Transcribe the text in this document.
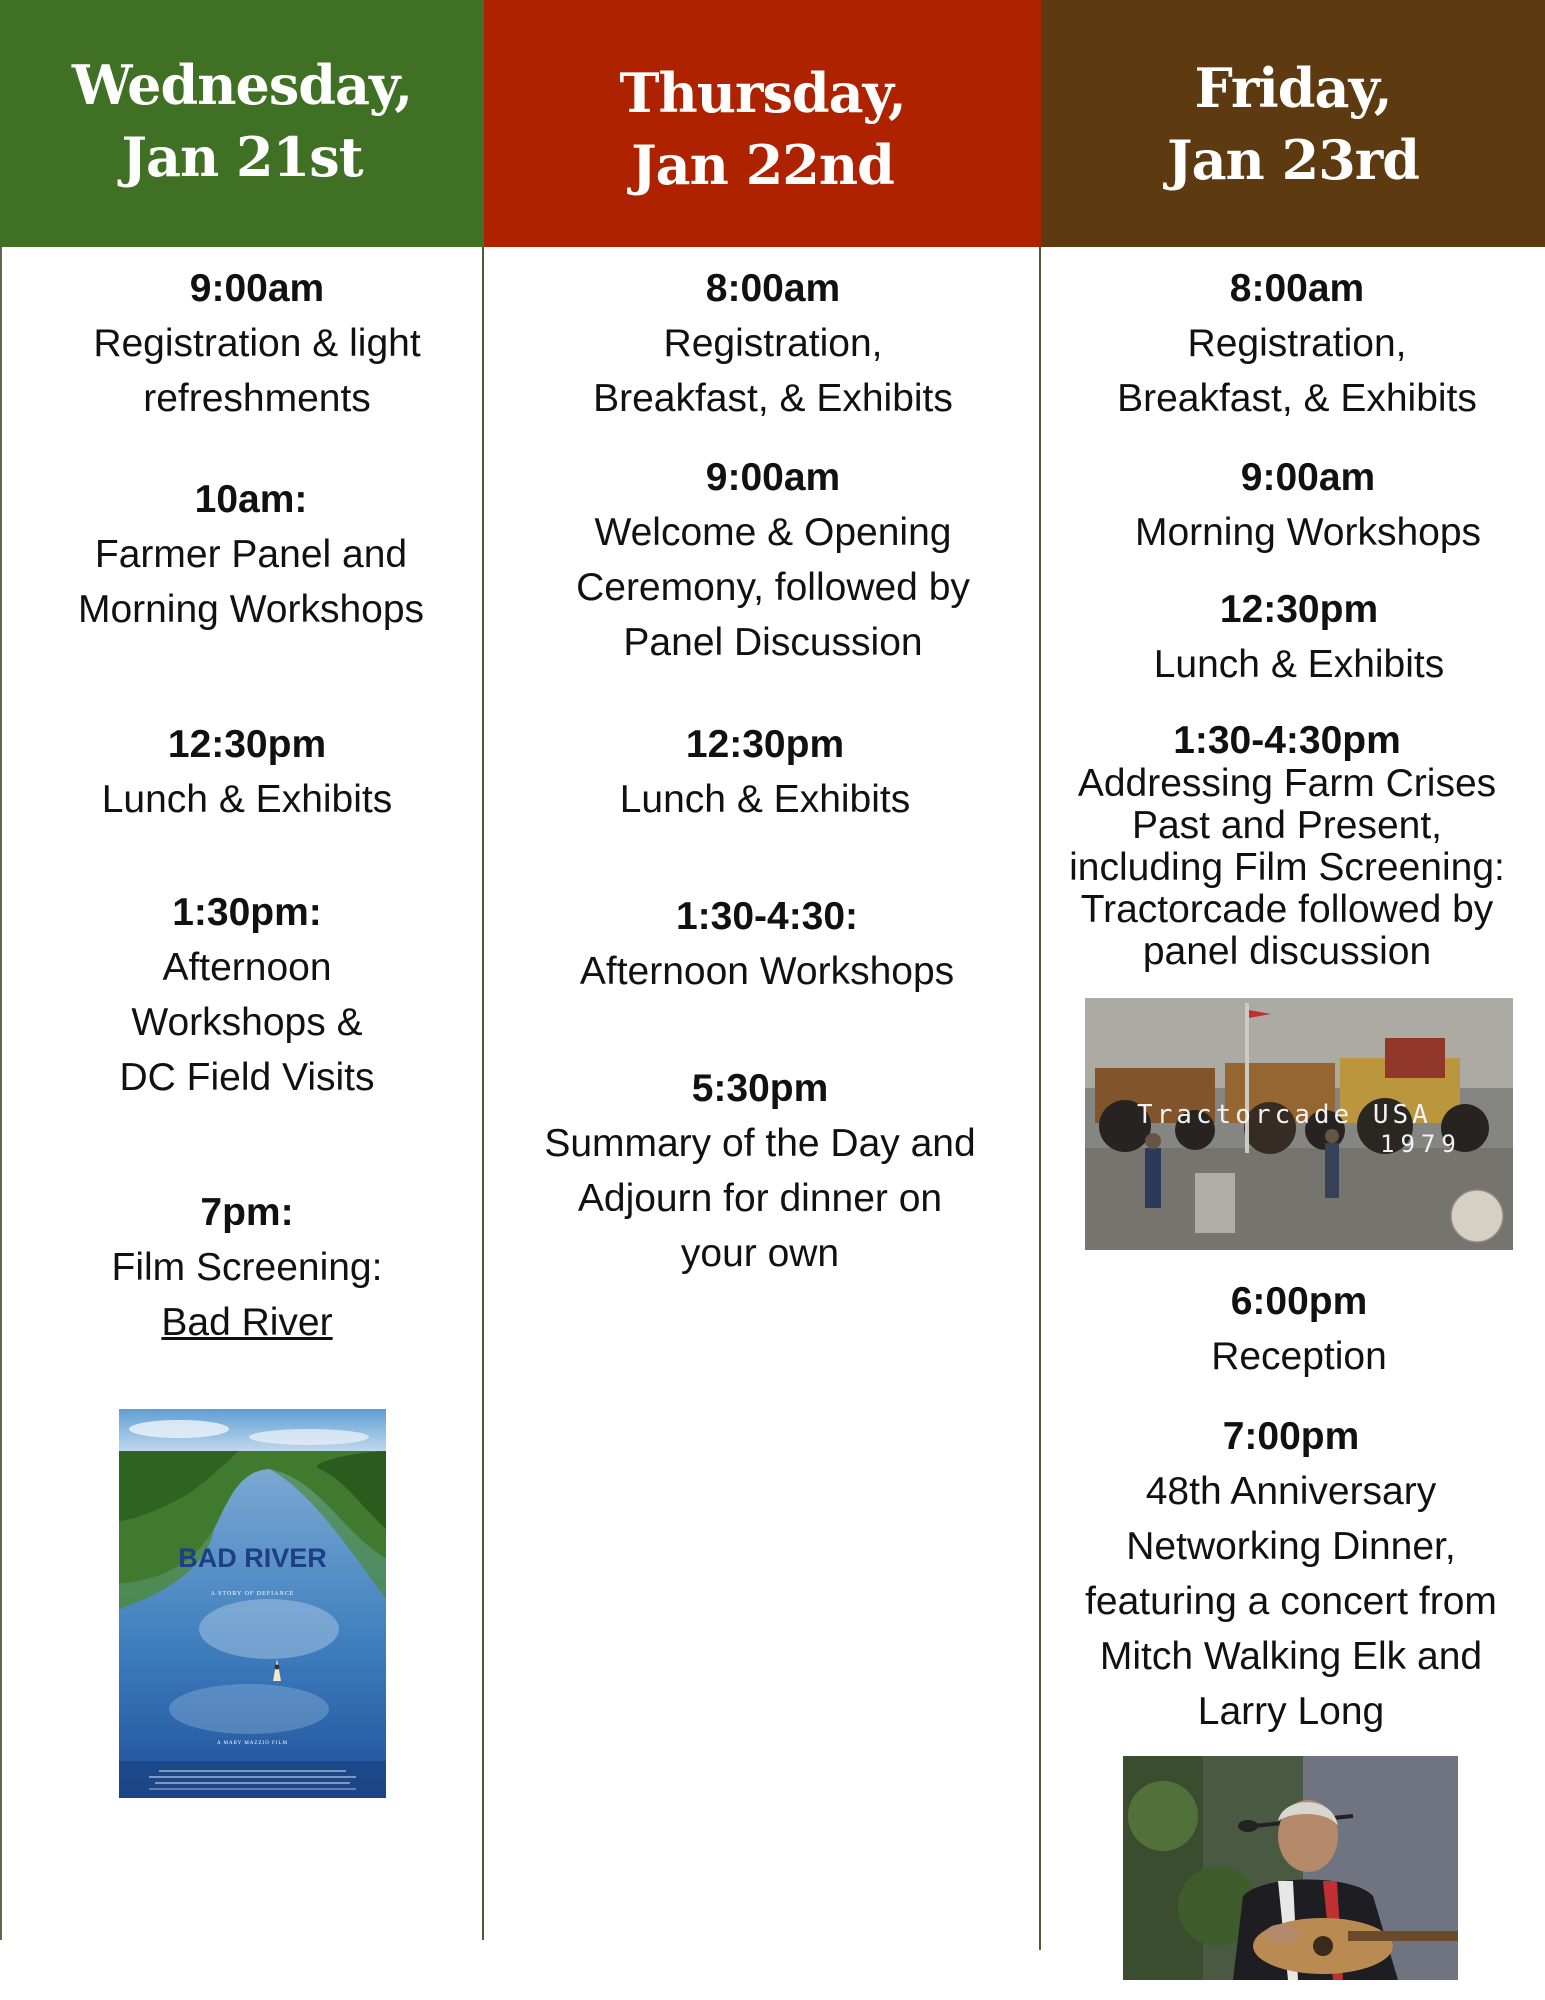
Wednesday,
Jan 21st
Thursday,
Jan 22nd
Friday,
Jan 23rd
9:00am
Registration & light
refreshments
10am:
Farmer Panel and
Morning Workshops
12:30pm
Lunch & Exhibits
1:30pm:
Afternoon
Workshops &
DC Field Visits
7pm:
Film Screening:
Bad River
BAD RIVER
A STORY OF DEFIANCE
A MARY MAZZIO FILM
8:00am
Registration,
Breakfast, & Exhibits
9:00am
Welcome & Opening
Ceremony, followed by
Panel Discussion
12:30pm
Lunch & Exhibits
1:30-4:30:
Afternoon Workshops
5:30pm
Summary of the Day and
Adjourn for dinner on
your own
8:00am
Registration,
Breakfast, & Exhibits
9:00am
Morning Workshops
12:30pm
Lunch & Exhibits
1:30-4:30pm
Addressing Farm Crises
Past and Present,
including Film Screening:
Tractorcade followed by
panel discussion
Tractorcade USA
1979
6:00pm
Reception
7:00pm
48th Anniversary
Networking Dinner,
featuring a concert from
Mitch Walking Elk and
Larry Long
